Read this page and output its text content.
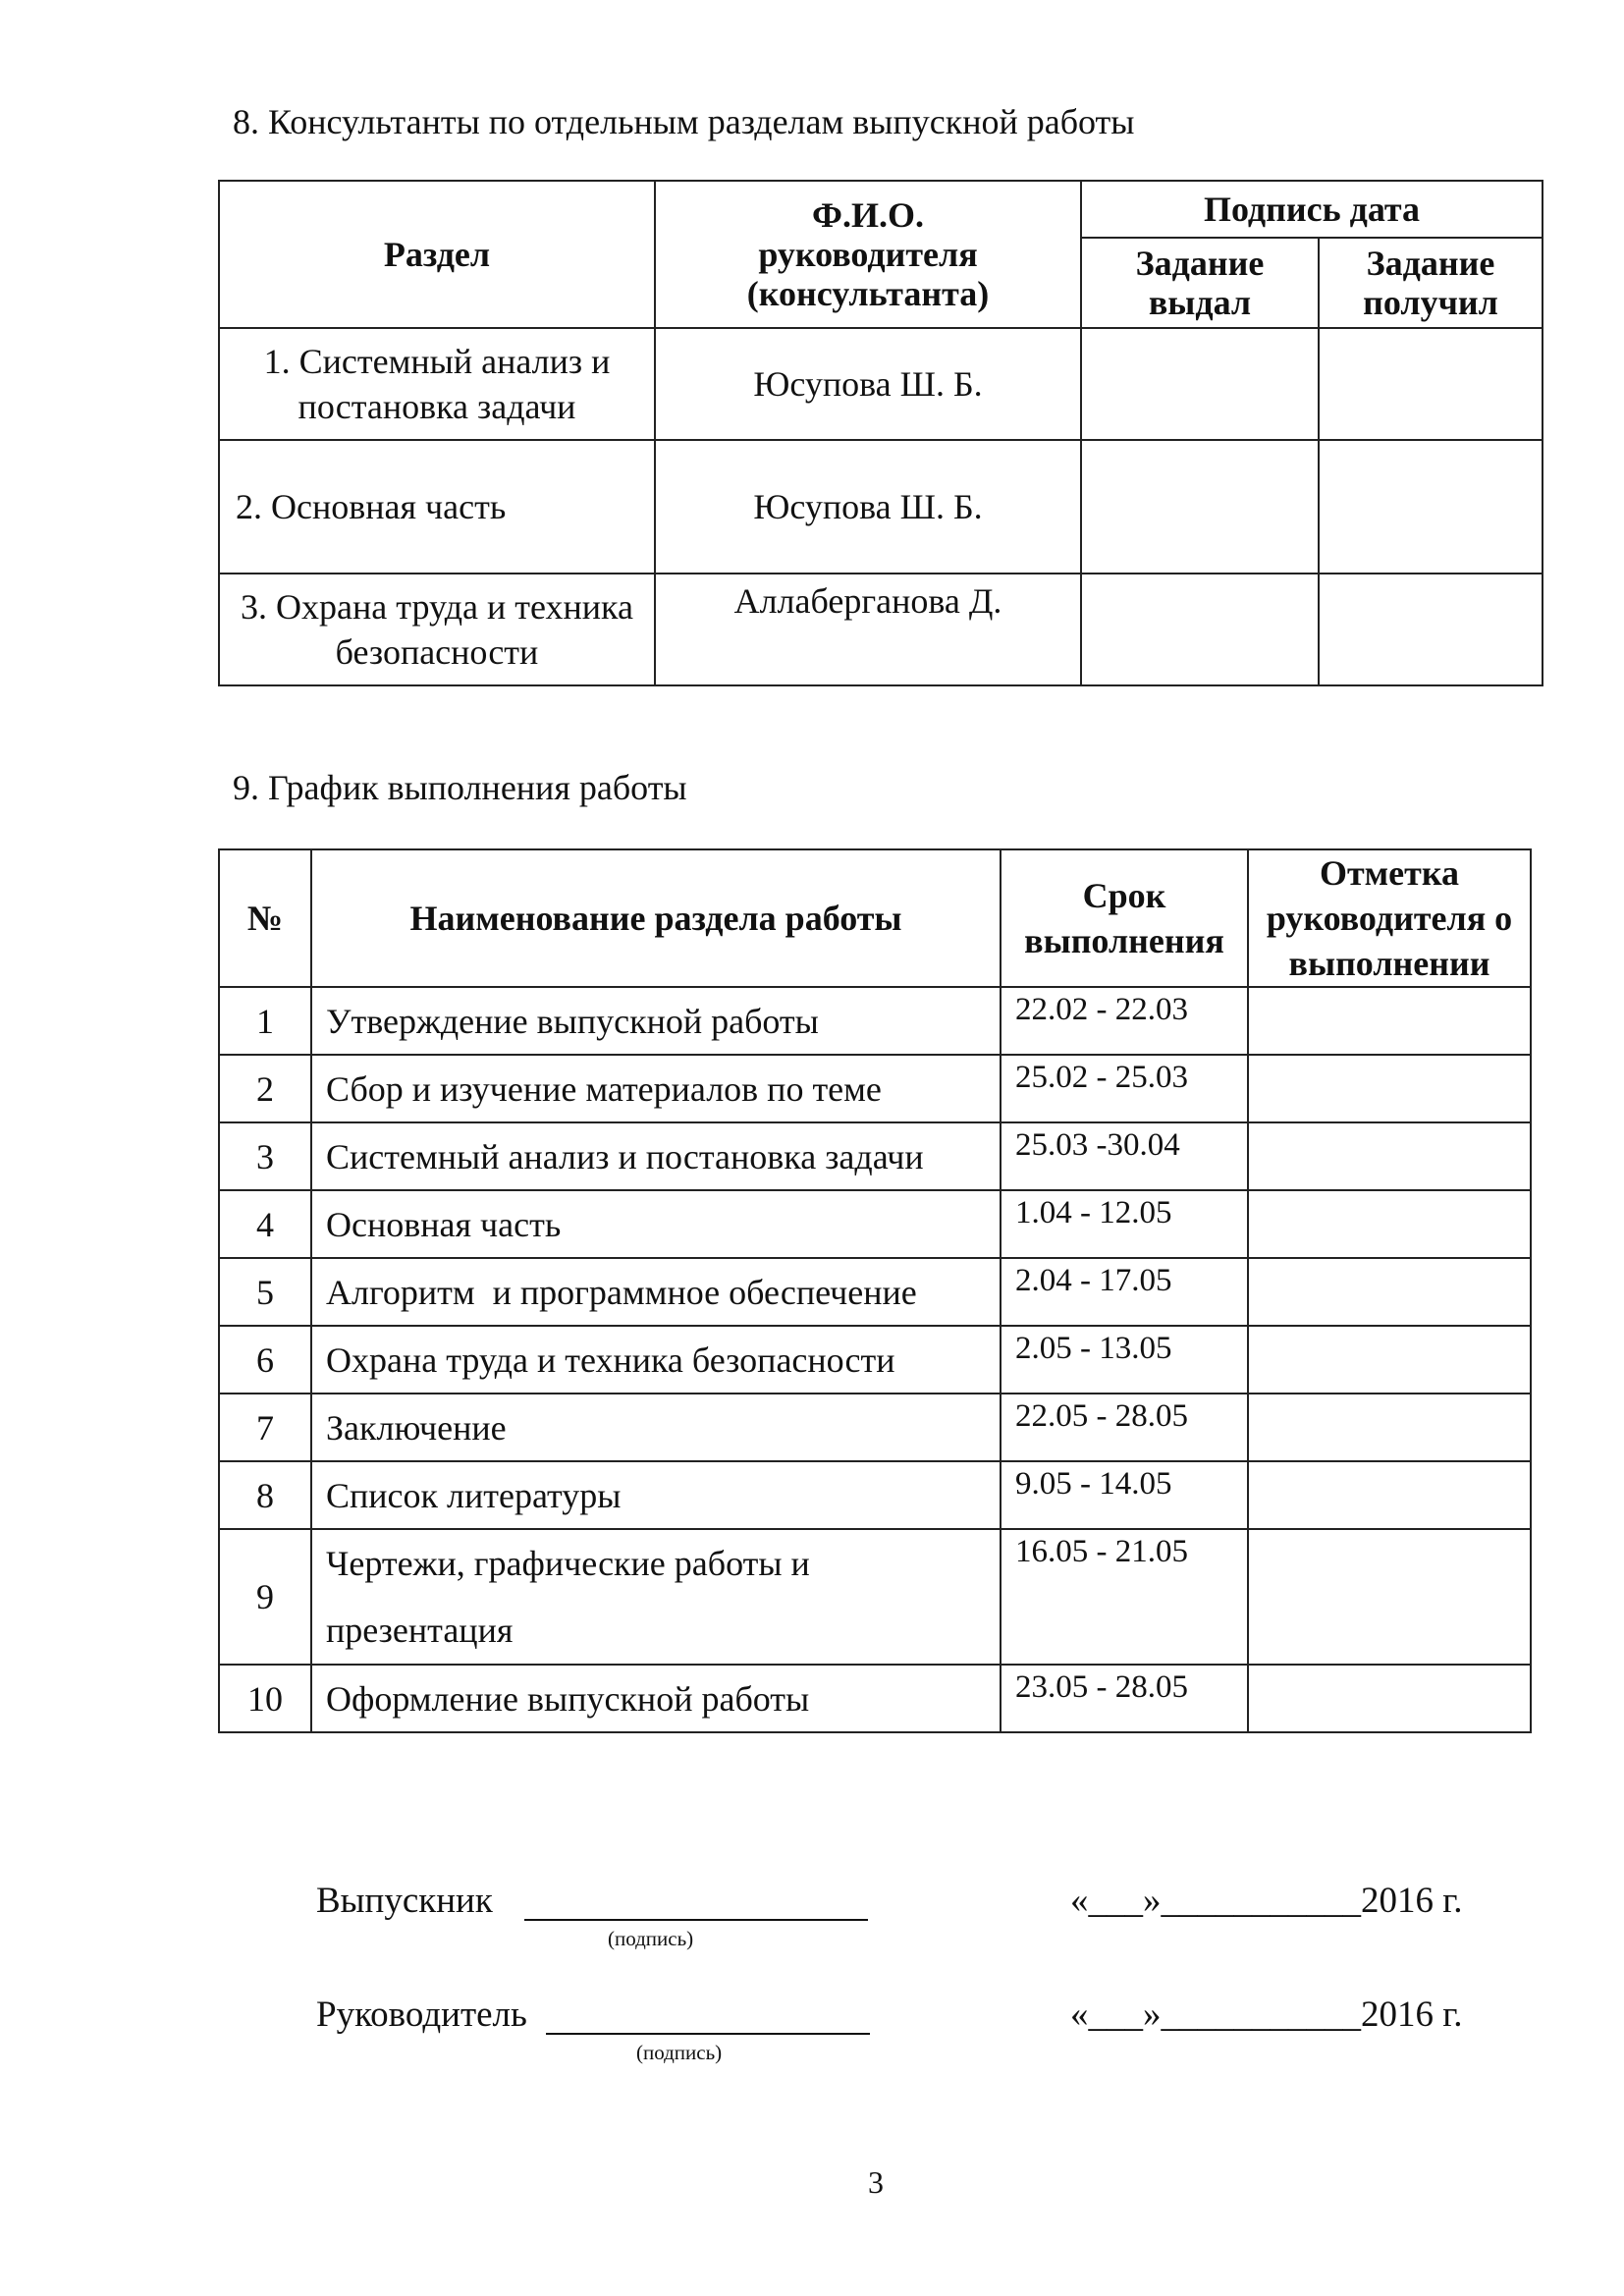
8. Консультанты по отдельным разделам выпускной работы
Раздел	Ф.И.О. руководителя (консультанта)	Подпись дата	

		Задание выдал	Задание получил

1. Системный анализ и постановка задачи	Юсупова Ш. Б.		
2. Основная часть	Юсупова Ш. Б.		

3. Охрана труда и техника безопасности	Аллаберганова Д.		
9. График выполнения работы
№	Наименование раздела работы	Срок выполнения	Отметка руководителя о выполнении

1	Утверждение выпускной работы	22.02 - 22.03	
2	Сбор и изучение материалов по теме	25.02 - 25.03	
3	Системный анализ и постановка задачи	25.03 -30.04	
4	Основная часть	1.04 - 12.05	
5	Алгоритм  и программное обеспечение	2.04 - 17.05	
6	Охрана труда и техника безопасности	2.05 - 13.05	
7	Заключение	22.05 - 28.05	
8	Список литературы	9.05 - 14.05	
9	Чертежи, графические работы и презентация	16.05 - 21.05	
10	Оформление выпускной работы	23.05 - 28.05	
Выпускник
(подпись)
«___»___________2016 г.
Руководитель
(подпись)
«___»___________2016 г.
3
